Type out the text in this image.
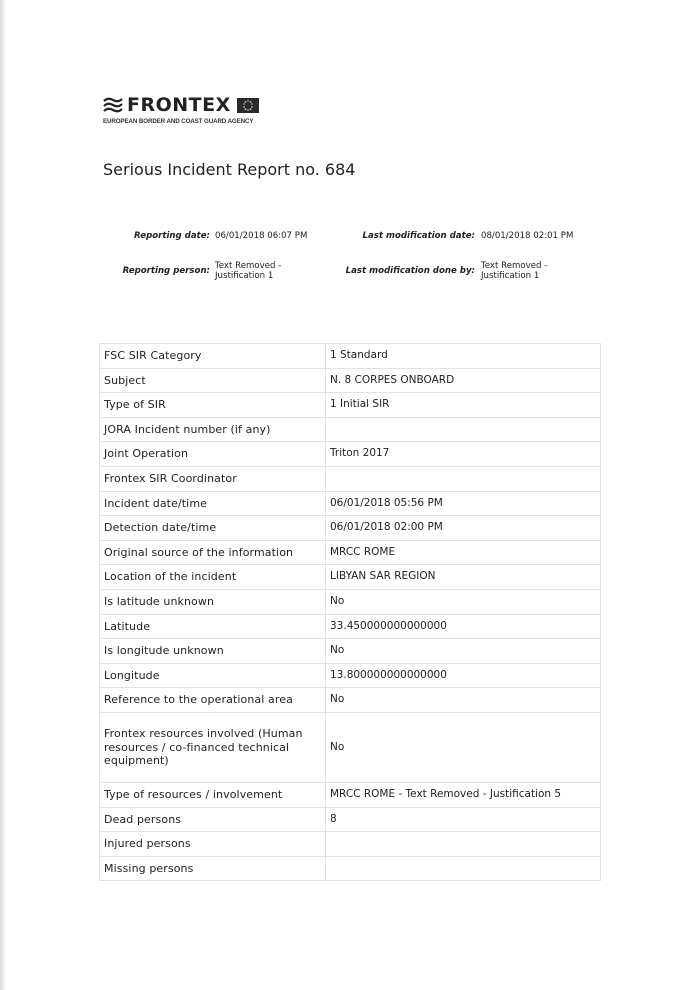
FRONTEX
EUROPEAN BORDER AND COAST GUARD AGENCY
Serious Incident Report no. 684
Reporting date: 06/01/2018 06:07 PM
Reporting person: Text Removed -
Justification 1
Last modification date: 08/01/2018 02:01 PM
Last modification done by: Text Removed -
Justification 1
FSC SIR Category	1 Standard
Subject	N. 8 CORPES ONBOARD
Type of SIR	1 Initial SIR
JORA Incident number (if any)	
Joint Operation	Triton 2017
Frontex SIR Coordinator	
Incident date/time	06/01/2018 05:56 PM
Detection date/time	06/01/2018 02:00 PM
Original source of the information	MRCC ROME
Location of the incident	LIBYAN SAR REGION
Is latitude unknown	No
Latitude	33.450000000000000
Is longitude unknown	No
Longitude	13.800000000000000
Reference to the operational area	No
Frontex resources involved (Human resources / co-financed technical equipment)	No
Type of resources / involvement	MRCC ROME - Text Removed - Justification 5
Dead persons	8
Injured persons	
Missing persons	
